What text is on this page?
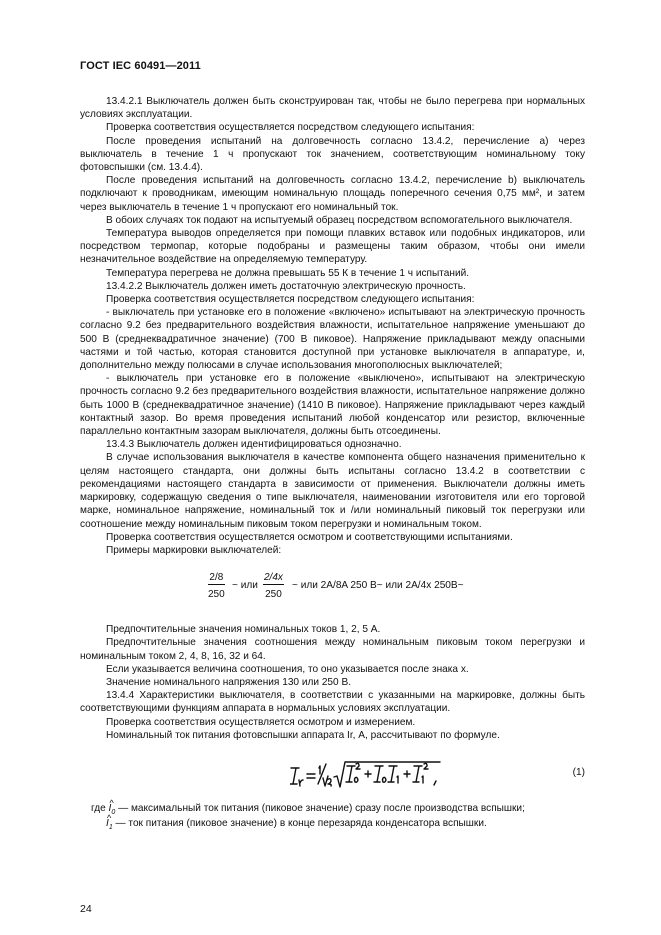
ГОСТ IEC 60491—2011

13.4.2.1 Выключатель должен быть сконструирован так, чтобы не было перегрева при нормальных условиях эксплуатации.

Проверка соответствия осуществляется посредством следующего испытания:

После проведения испытаний на долговечность согласно 13.4.2, перечисление a) через выключатель в течение 1 ч пропускают ток значением, соответствующим номинальному току фотовспышки (см. 13.4.4).

После проведения испытаний на долговечность согласно 13.4.2, перечисление b) выключатель подключают к проводникам, имеющим номинальную площадь поперечного сечения 0,75 мм², и затем через выключатель в течение 1 ч пропускают его номинальный ток.

В обоих случаях ток подают на испытуемый образец посредством вспомогательного выключателя.

Температура выводов определяется при помощи плавких вставок или подобных индикаторов, или посредством термопар, которые подобраны и размещены таким образом, чтобы они имели незначительное воздействие на определяемую температуру.

Температура перегрева не должна превышать 55 К в течение 1 ч испытаний.

13.4.2.2 Выключатель должен иметь достаточную электрическую прочность.

Проверка соответствия осуществляется посредством следующего испытания:

- выключатель при установке его в положение «включено» испытывают на электрическую прочность согласно 9.2 без предварительного воздействия влажности, испытательное напряжение уменьшают до 500 В (среднеквадратичное значение) (700 В пиковое). Напряжение прикладывают между опасными частями и той частью, которая становится доступной при установке выключателя в аппаратуре, и, дополнительно между полюсами в случае использования многополюсных выключателей;

- выключатель при установке его в положение «выключено», испытывают на электрическую прочность согласно 9.2 без предварительного воздействия влажности, испытательное напряжение должно быть 1000 В (среднеквадратичное значение) (1410 В пиковое). Напряжение прикладывают через каждый контактный зазор. Во время проведения испытаний любой конденсатор или резистор, включенные параллельно контактным зазорам выключателя, должны быть отсоединены.

13.4.3 Выключатель должен идентифицироваться однозначно.

В случае использования выключателя в качестве компонента общего назначения применительно к целям настоящего стандарта, они должны быть испытаны согласно 13.4.2 в соответствии с рекомендациями настоящего стандарта в зависимости от применения. Выключатели должны иметь маркировку, содержащую сведения о типе выключателя, наименовании изготовителя или его торговой марке, номинальное напряжение, номинальный ток и /или номинальный пиковый ток перегрузки или соотношение между номинальным пиковым током перегрузки и номинальным током.

Проверка соответствия осуществляется осмотром и соответствующими испытаниями.

Примеры маркировки выключателей:

$\frac{2/8}{250}$ ~ или $\frac{2/4x}{250}$ ~ или 2A/8A 250 В~ или 2A/4x 250В~

Предпочтительные значения номинальных токов 1, 2, 5 А.

Предпочтительные значения соотношения между номинальным пиковым током перегрузки и номинальным током 2, 4, 8, 16, 32 и 64.

Если указывается величина соотношения, то оно указывается после знака x.

Значение номинального напряжения 130 или 250 В.

13.4.4 Характеристики выключателя, в соответствии с указанными на маркировке, должны быть соответствующими функциям аппарата в нормальных условиях эксплуатации.

Проверка соответствия осуществляется осмотром и измерением.

Номинальный ток питания фотовспышки аппарата Ir, А, рассчитывают по формуле.

(1)
где ^
$I_0$ — максимальный ток питания (пиковое значение) сразу после производства вспышки;
^
$I_1$ — ток питания (пиковое значение) в конце перезаряда конденсатора вспышки.
24
